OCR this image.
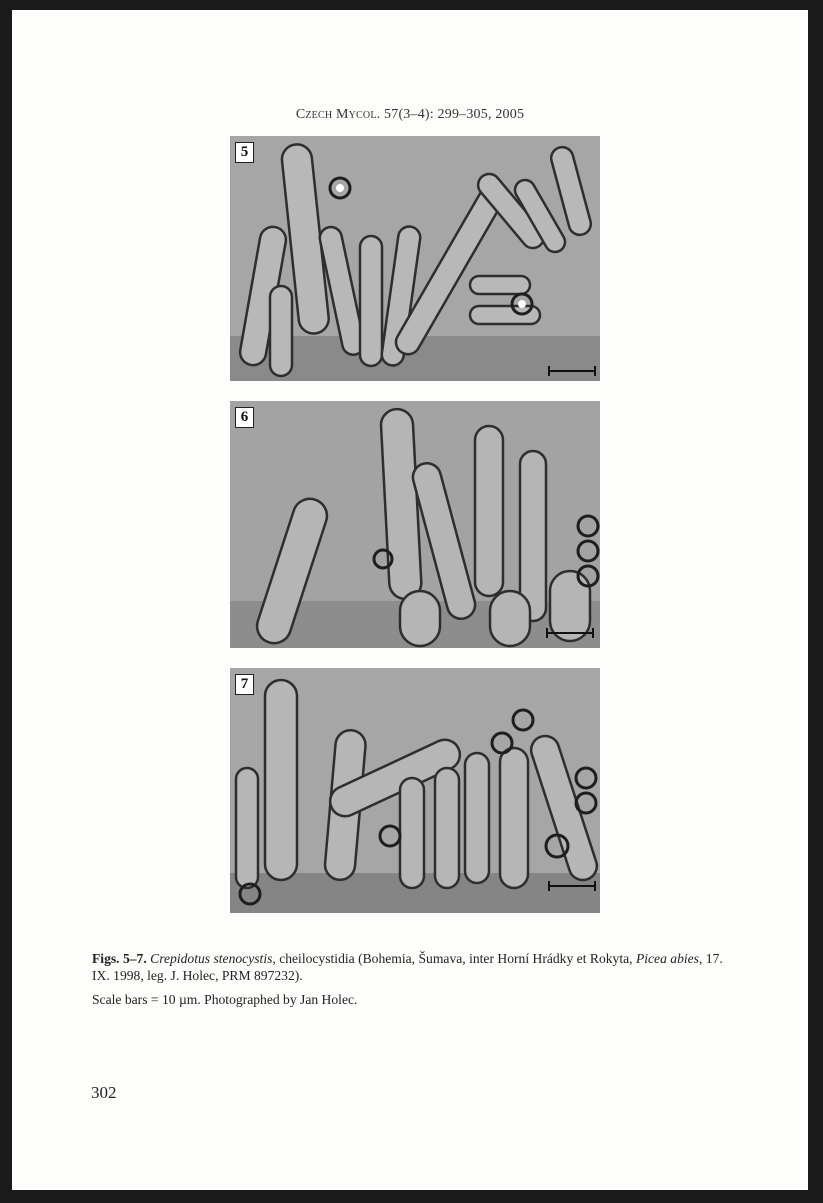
Czech Mycol. 57(3–4): 299–305, 2005
5
6
7

Figs. 5–7. Crepidotus stenocystis, cheilocystidia (Bohemia, Šumava, inter Horní Hrádky et Rokyta, Picea abies, 17. IX. 1998, leg. J. Holec, PRM 897232).

Scale bars = 10 µm. Photographed by Jan Holec.

302
